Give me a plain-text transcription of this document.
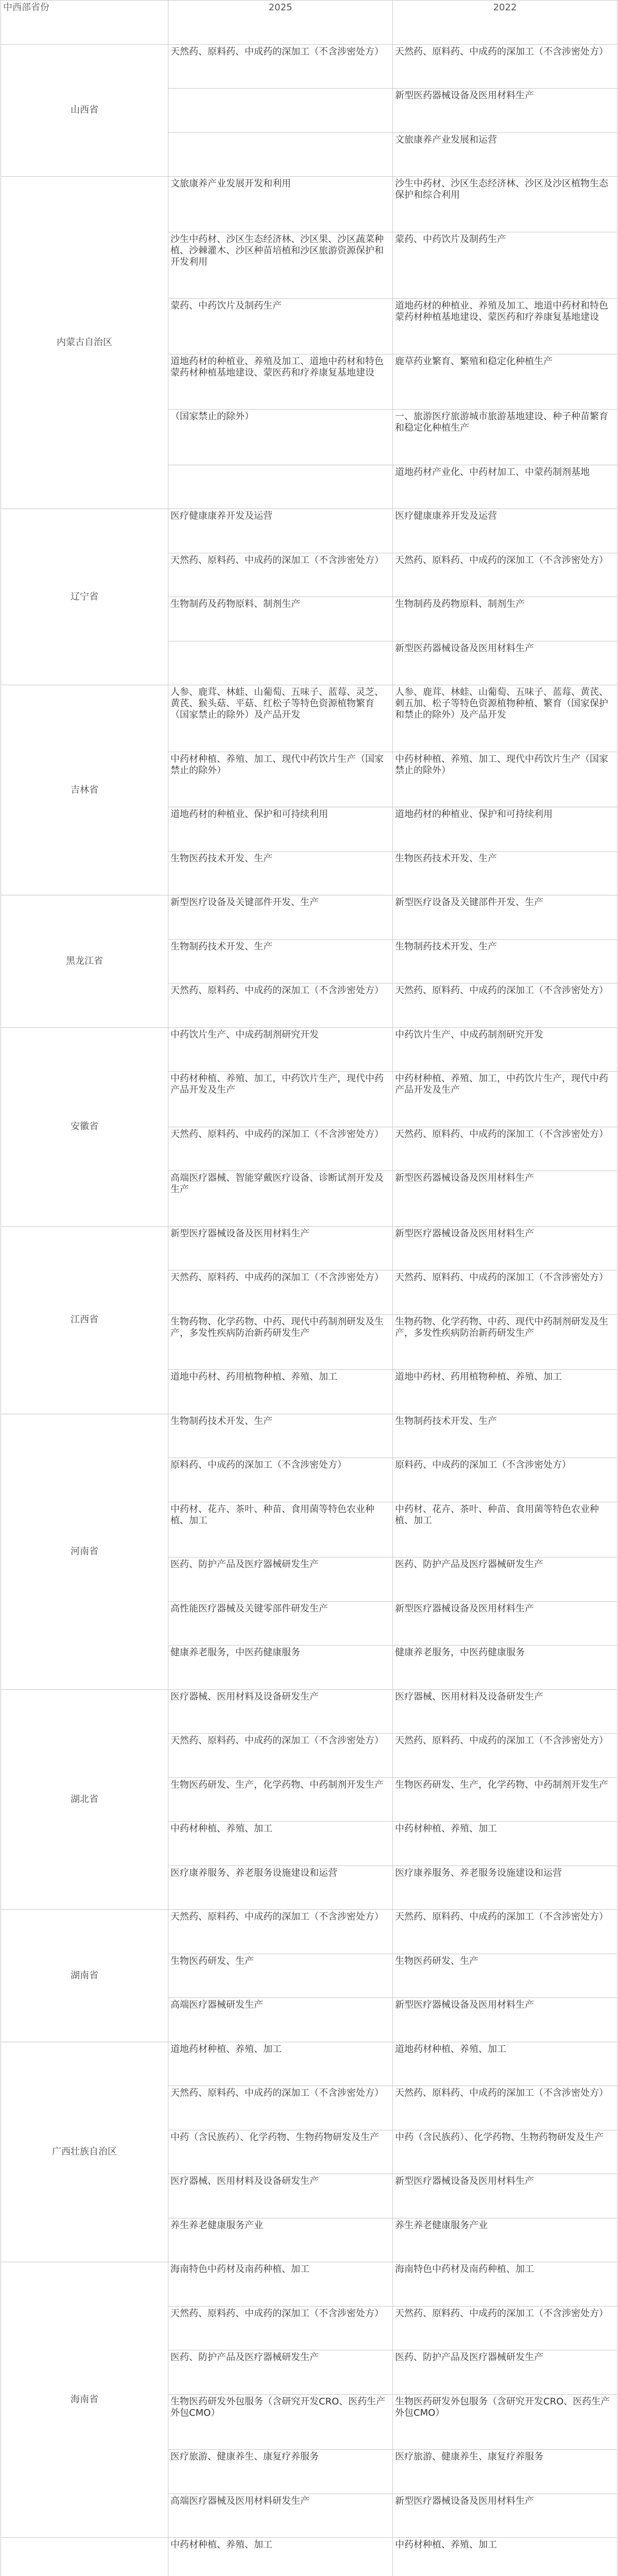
中西部省份	2025	2022
山西省	天然药、原料药、中成药的深加工（不含涉密处方）	天然药、原料药、中成药的深加工（不含涉密处方）
		新型医药器械设备及医用材料生产
		文旅康养产业发展和运营
内蒙古自治区	文旅康养产业发展开发和利用	沙生中药材、沙区生态经济林、沙区及沙区植物生态保护和综合利用
	沙生中药材、沙区生态经济林、沙区果、沙区蔬菜种植、沙棘灌木、沙区种苗培植和沙区旅游资源保护和开发利用	蒙药、中药饮片及制药生产
	蒙药、中药饮片及制药生产	道地药材的种植业、养殖及加工、地道中药材和特色蒙药材种植基地建设、蒙医药和疗养康复基地建设
	道地药材的种植业、养殖及加工、道地中药材和特色蒙药材种植基地建设、蒙医药和疗养康复基地建设	鹿草药业繁育、繁殖和稳定化种植生产
	（国家禁止的除外）	一、旅游医疗旅游城市旅游基地建设、种子种苗繁育和稳定化种植生产
		道地药材产业化、中药材加工、中蒙药制剂基地
辽宁省	医疗健康康养开发及运营	医疗健康康养开发及运营
	天然药、原料药、中成药的深加工（不含涉密处方）	天然药、原料药、中成药的深加工（不含涉密处方）
	生物制药及药物原料、制剂生产	生物制药及药物原料、制剂生产
		新型医药器械设备及医用材料生产
吉林省	人参、鹿茸、林蛙、山葡萄、五味子、蓝莓、灵芝、黄芪、猴头菇、平菇、红松子等特色资源植物繁育（国家禁止的除外）及产品开发	人参、鹿茸、林蛙、山葡萄、五味子、蓝莓、黄芪、刺五加、松子等特色资源植物种植、繁育（国家保护和禁止的除外）及产品开发
	中药材种植、养殖、加工、现代中药饮片生产（国家禁止的除外）	中药材种植、养殖、加工、现代中药饮片生产（国家禁止的除外）
	道地药材的种植业、保护和可持续利用	道地药材的种植业、保护和可持续利用
	生物医药技术开发、生产	生物医药技术开发、生产
黑龙江省	新型医疗设备及关键部件开发、生产	新型医疗设备及关键部件开发、生产
	生物制药技术开发、生产	生物制药技术开发、生产
	天然药、原料药、中成药的深加工（不含涉密处方）	天然药、原料药、中成药的深加工（不含涉密处方）
安徽省	中药饮片生产、中成药制剂研究开发	中药饮片生产、中成药制剂研究开发
	中药材种植、养殖、加工，中药饮片生产，现代中药产品开发及生产	中药材种植、养殖、加工，中药饮片生产，现代中药产品开发及生产
	天然药、原料药、中成药的深加工（不含涉密处方）	天然药、原料药、中成药的深加工（不含涉密处方）
	高端医疗器械、智能穿戴医疗设备、诊断试剂开发及生产	新型医药器械设备及医用材料生产
江西省	新型医疗器械设备及医用材料生产	新型医疗器械设备及医用材料生产
	天然药、原料药、中成药的深加工（不含涉密处方）	天然药、原料药、中成药的深加工（不含涉密处方）
	生物药物、化学药物、中药、现代中药制剂研发及生产，多发性疾病防治新药研发生产	生物药物、化学药物、中药、现代中药制剂研发及生产，多发性疾病防治新药研发生产
	道地中药材、药用植物种植、养殖、加工	道地中药材、药用植物种植、养殖、加工
河南省	生物制药技术开发、生产	生物制药技术开发、生产
	原料药、中成药的深加工（不含涉密处方）	原料药、中成药的深加工（不含涉密处方）
	中药材、花卉、茶叶、种苗、食用菌等特色农业种植、加工	中药材、花卉、茶叶、种苗、食用菌等特色农业种植、加工
	医药、防护产品及医疗器械研发生产	医药、防护产品及医疗器械研发生产
	高性能医疗器械及关键零部件研发生产	新型医疗器械设备及医用材料生产
	健康养老服务，中医药健康服务	健康养老服务，中医药健康服务
湖北省	医疗器械、医用材料及设备研发生产	医疗器械、医用材料及设备研发生产
	天然药、原料药、中成药的深加工（不含涉密处方）	天然药、原料药、中成药的深加工（不含涉密处方）
	生物医药研发、生产，化学药物、中药制剂开发生产	生物医药研发、生产，化学药物、中药制剂开发生产
	中药材种植、养殖、加工	中药材种植、养殖、加工
	医疗康养服务、养老服务设施建设和运营	医疗康养服务、养老服务设施建设和运营
湖南省	天然药、原料药、中成药的深加工（不含涉密处方）	天然药、原料药、中成药的深加工（不含涉密处方）
	生物医药研发、生产	生物医药研发、生产
	高端医疗器械研发生产	新型医疗器械设备及医用材料生产
广西壮族自治区	道地药材种植、养殖、加工	道地药材种植、养殖、加工
	天然药、原料药、中成药的深加工（不含涉密处方）	天然药、原料药、中成药的深加工（不含涉密处方）
	中药（含民族药）、化学药物、生物药物研发及生产	中药（含民族药）、化学药物、生物药物研发及生产
	医疗器械、医用材料及设备研发生产	新型医疗器械设备及医用材料生产
	养生养老健康服务产业	养生养老健康服务产业
海南省	海南特色中药材及南药种植、加工	海南特色中药材及南药种植、加工
	天然药、原料药、中成药的深加工（不含涉密处方）	天然药、原料药、中成药的深加工（不含涉密处方）
	医药、防护产品及医疗器械研发生产	医药、防护产品及医疗器械研发生产
	生物医药研发外包服务（含研究开发CRO、医药生产外包CMO）	生物医药研发外包服务（含研究开发CRO、医药生产外包CMO）
	医疗旅游、健康养生、康复疗养服务	医疗旅游、健康养生、康复疗养服务
	高端医疗器械及医用材料研发生产	新型医疗器械设备及医用材料生产
	中药材种植、养殖、加工	中药材种植、养殖、加工
